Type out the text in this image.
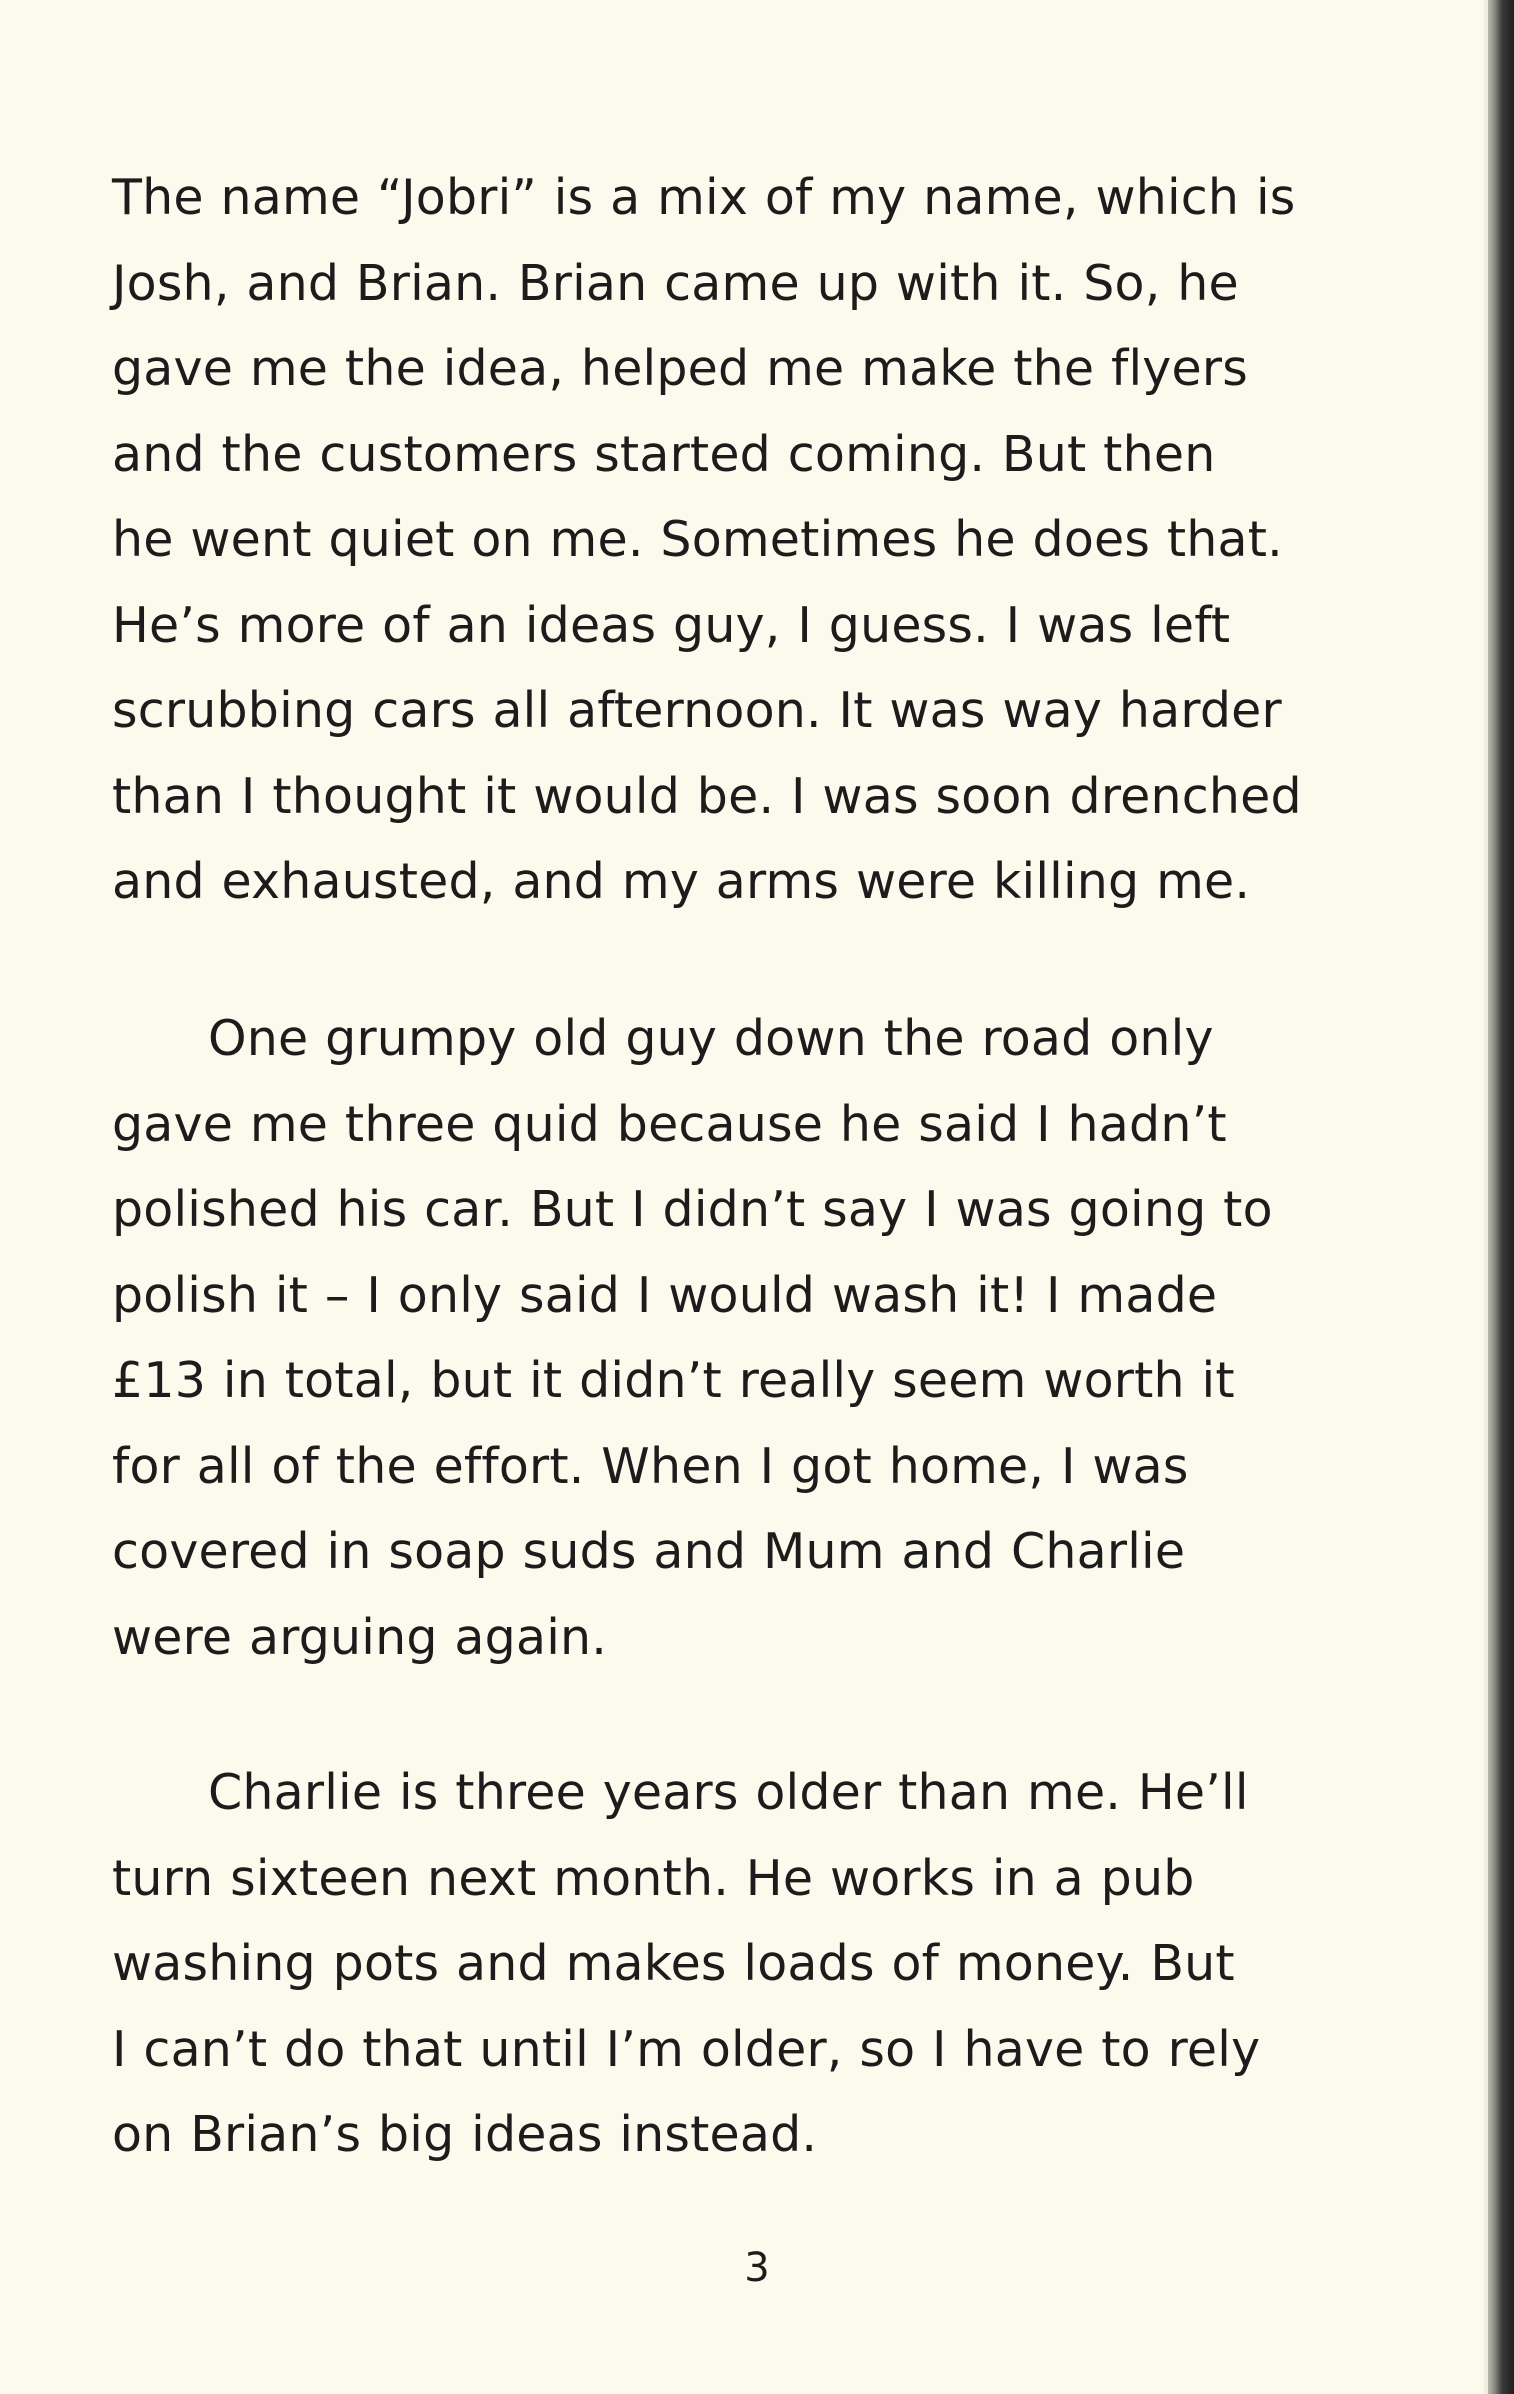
The name “Jobri” is a mix of my name, which is
Josh, and Brian. Brian came up with it. So, he
gave me the idea, helped me make the flyers
and the customers started coming. But then
he went quiet on me. Sometimes he does that.
He’s more of an ideas guy, I guess. I was left
scrubbing cars all afternoon. It was way harder
than I thought it would be. I was soon drenched
and exhausted, and my arms were killing me.
One grumpy old guy down the road only
gave me three quid because he said I hadn’t
polished his car. But I didn’t say I was going to
polish it – I only said I would wash it! I made
£13 in total, but it didn’t really seem worth it
for all of the effort. When I got home, I was
covered in soap suds and Mum and Charlie
were arguing again.
Charlie is three years older than me. He’ll
turn sixteen next month. He works in a pub
washing pots and makes loads of money. But
I can’t do that until I’m older, so I have to rely
on Brian’s big ideas instead.
3
